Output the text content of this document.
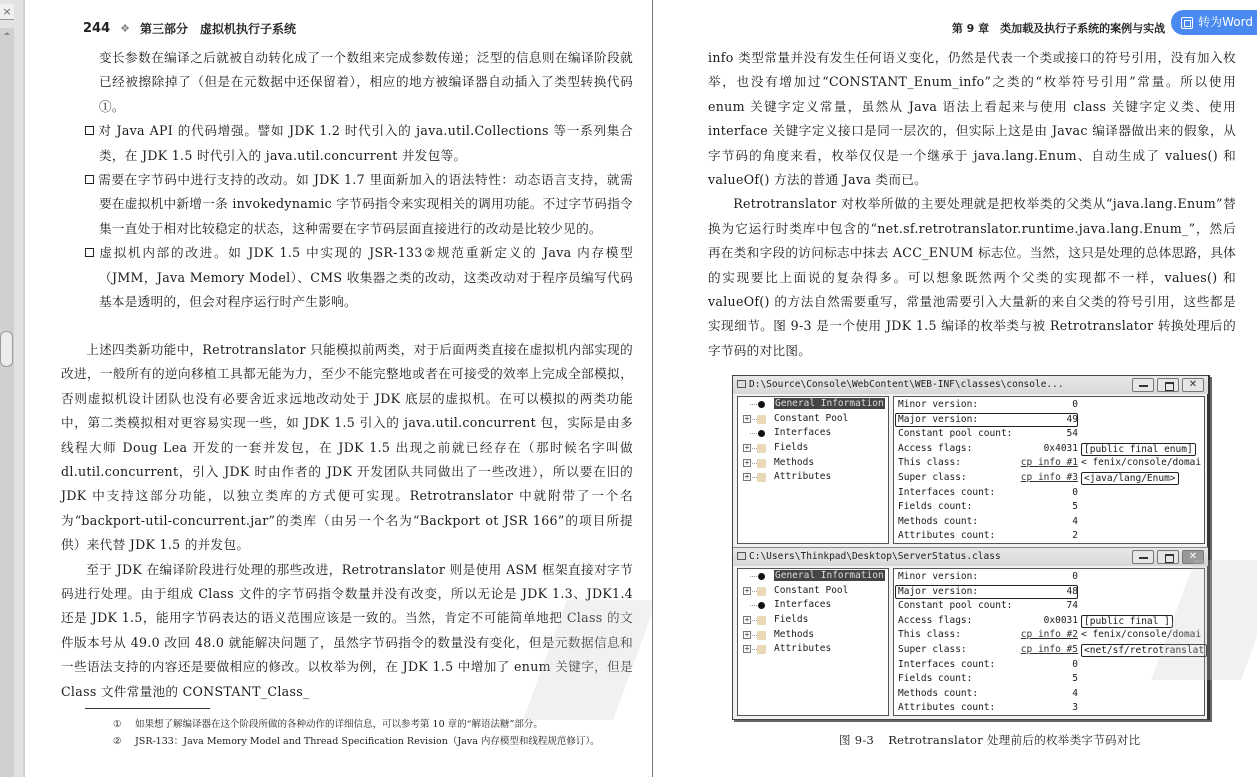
×
244 ❖ 第三部分　虚拟机执行子系统

变长参数在编译之后就被自动转化成了一个数组来完成参数传递；泛型的信息则在编译阶段就已经被擦除掉了（但是在元数据中还保留着），相应的地方被编译器自动插入了类型转换代码①。

对 Java API 的代码增强。譬如 JDK 1.2 时代引入的 java.util.Collections 等一系列集合类，在 JDK 1.5 时代引入的 java.util.concurrent 并发包等。

需要在字节码中进行支持的改动。如 JDK 1.7 里面新加入的语法特性：动态语言支持，就需要在虚拟机中新增一条 invokedynamic 字节码指令来实现相关的调用功能。不过字节码指令集一直处于相对比较稳定的状态，这种需要在字节码层面直接进行的改动是比较少见的。

虚拟机内部的改进。如 JDK 1.5 中实现的 JSR-133②规范重新定义的 Java 内存模型（JMM，Java Memory Model）、CMS 收集器之类的改动，这类改动对于程序员编写代码基本是透明的，但会对程序运行时产生影响。

上述四类新功能中，Retrotranslator 只能模拟前两类，对于后面两类直接在虚拟机内部实现的改进，一般所有的逆向移植工具都无能为力，至少不能完整地或者在可接受的效率上完成全部模拟，否则虚拟机设计团队也没有必要舍近求远地改动处于 JDK 底层的虚拟机。在可以模拟的两类功能中，第二类模拟相对更容易实现一些，如 JDK 1.5 引入的 java.util.concurrent 包，实际是由多线程大师 Doug Lea 开发的一套并发包，在 JDK 1.5 出现之前就已经存在（那时候名字叫做 dl.util.concurrent，引入 JDK 时由作者的 JDK 开发团队共同做出了一些改进），所以要在旧的 JDK 中支持这部分功能，以独立类库的方式便可实现。Retrotranslator 中就附带了一个名为“backport-util-concurrent.jar”的类库（由另一个名为“Backport ot JSR 166”的项目所提供）来代替 JDK 1.5 的并发包。

至于 JDK 在编译阶段进行处理的那些改进，Retrotranslator 则是使用 ASM 框架直接对字节码进行处理。由于组成 Class 文件的字节码指令数量并没有改变，所以无论是 JDK 1.3、JDK1.4 还是 JDK 1.5，能用字节码表达的语义范围应该是一致的。当然，肯定不可能简单地把 Class 的文件版本号从 49.0 改回 48.0 就能解决问题了，虽然字节码指令的数量没有变化，但是元数据信息和一些语法支持的内容还是要做相应的修改。以枚举为例，在 JDK 1.5 中增加了 enum 关键字，但是 Class 文件常量池的 CONSTANT_Class_

① 如果想了解编译器在这个阶段所做的各种动作的详细信息，可以参考第 10 章的“解语法糖”部分。
② JSR-133：Java Memory Model and Thread Specification Revision（Java 内存模型和线程规范修订）。
第 9 章　类加载及执行子系统的案例与实战	转为Word

info 类型常量并没有发生任何语义变化，仍然是代表一个类或接口的符号引用，没有加入枚举，也没有增加过“CONSTANT_Enum_info”之类的“枚举符号引用”常量。所以使用 enum 关键字定义常量，虽然从 Java 语法上看起来与使用 class 关键字定义类、使用 interface 关键字定义接口是同一层次的，但实际上这是由 Javac 编译器做出来的假象，从字节码的角度来看，枚举仅仅是一个继承于 java.lang.Enum、自动生成了 values() 和 valueOf() 方法的普通 Java 类而已。

Retrotranslator 对枚举所做的主要处理就是把枚举类的父类从“java.lang.Enum”替换为它运行时类库中包含的“net.sf.retrotranslator.runtime.java.lang.Enum_”，然后再在类和字段的访问标志中抹去 ACC_ENUM 标志位。当然，这只是处理的总体思路，具体的实现要比上面说的复杂得多。可以想象既然两个父类的实现都不一样，values() 和 valueOf() 的方法自然需要重写，常量池需要引入大量新的来自父类的符号引用，这些都是实现细节。图 9-3 是一个使用 JDK 1.5 编译的枚举类与被 Retrotranslator 转换处理后的字节码的对比图。

D:\Source\Console\WebContent\WEB-INF\classes\console...	✕
General Information
+	Constant Pool
Interfaces
+	Fields
+	Methods
+	Attributes
Minor version:	0
Major version:	49
Constant pool count:	54
Access flags:	0x4031 [public final enum]
This class:	cp info #1 < fenix/console/domai
Super class:	cp info #3 <java/lang/Enum>
Interfaces count:	0
Fields count:	5
Methods count:	4
Attributes count:	2
C:\Users\Thinkpad\Desktop\ServerStatus.class	✕
General Information
+	Constant Pool
Interfaces
+	Fields
+	Methods
+	Attributes
Minor version:	0
Major version:	48
Constant pool count:	74
Access flags:	0x0031 [public final ]
This class:	cp info #2 < fenix/console/domai
Super class:	cp info #5 <net/sf/retrotranslat
Interfaces count:	0
Fields count:	5
Methods count:	4
Attributes count:	3
图 9-3 Retrotranslator 处理前后的枚举类字节码对比
